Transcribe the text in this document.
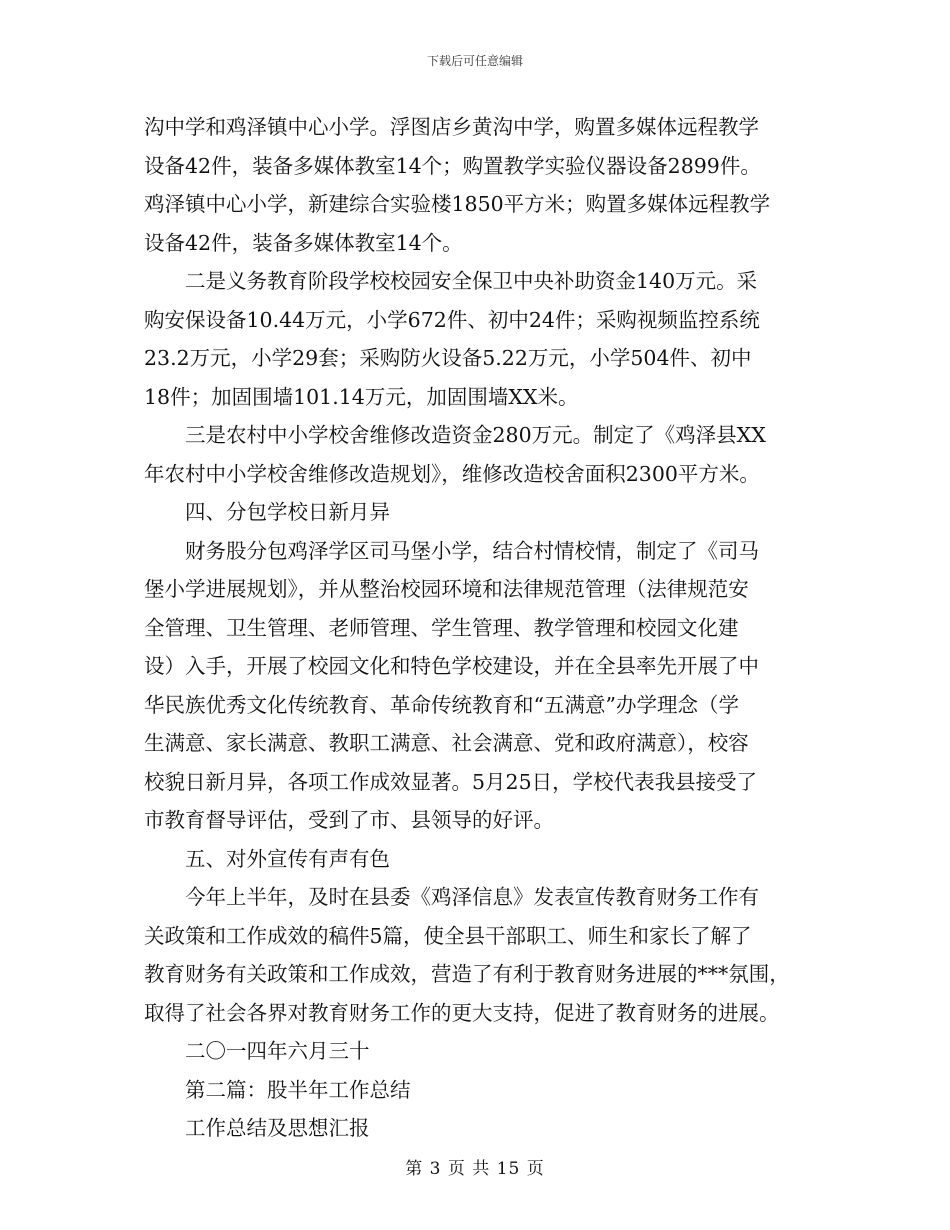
下载后可任意编辑
沟中学和鸡泽镇中心小学。浮图店乡黄沟中学，购置多媒体远程教学
设备42件，装备多媒体教室14个；购置教学实验仪器设备2899件。
鸡泽镇中心小学，新建综合实验楼1850平方米；购置多媒体远程教学
设备42件，装备多媒体教室14个。
二是义务教育阶段学校校园安全保卫中央补助资金140万元。采
购安保设备10.44万元，小学672件、初中24件；采购视频监控系统
23.2万元，小学29套；采购防火设备5.22万元，小学504件、初中
18件；加固围墙101.14万元，加固围墙XX米。
三是农村中小学校舍维修改造资金280万元。制定了《鸡泽县XX
年农村中小学校舍维修改造规划》，维修改造校舍面积2300平方米。
四、分包学校日新月异
财务股分包鸡泽学区司马堡小学，结合村情校情，制定了《司马
堡小学进展规划》，并从整治校园环境和法律规范管理（法律规范安
全管理、卫生管理、老师管理、学生管理、教学管理和校园文化建
设）入手，开展了校园文化和特色学校建设，并在全县率先开展了中
华民族优秀文化传统教育、革命传统教育和“五满意”办学理念（学
生满意、家长满意、教职工满意、社会满意、党和政府满意），校容
校貌日新月异，各项工作成效显著。5月25日，学校代表我县接受了
市教育督导评估，受到了市、县领导的好评。
五、对外宣传有声有色
今年上半年，及时在县委《鸡泽信息》发表宣传教育财务工作有
关政策和工作成效的稿件5篇，使全县干部职工、师生和家长了解了
教育财务有关政策和工作成效，营造了有利于教育财务进展的***氛围，
取得了社会各界对教育财务工作的更大支持，促进了教育财务的进展。
二〇一四年六月三十
第二篇：股半年工作总结
工作总结及思想汇报
第 3 页 共 15 页
